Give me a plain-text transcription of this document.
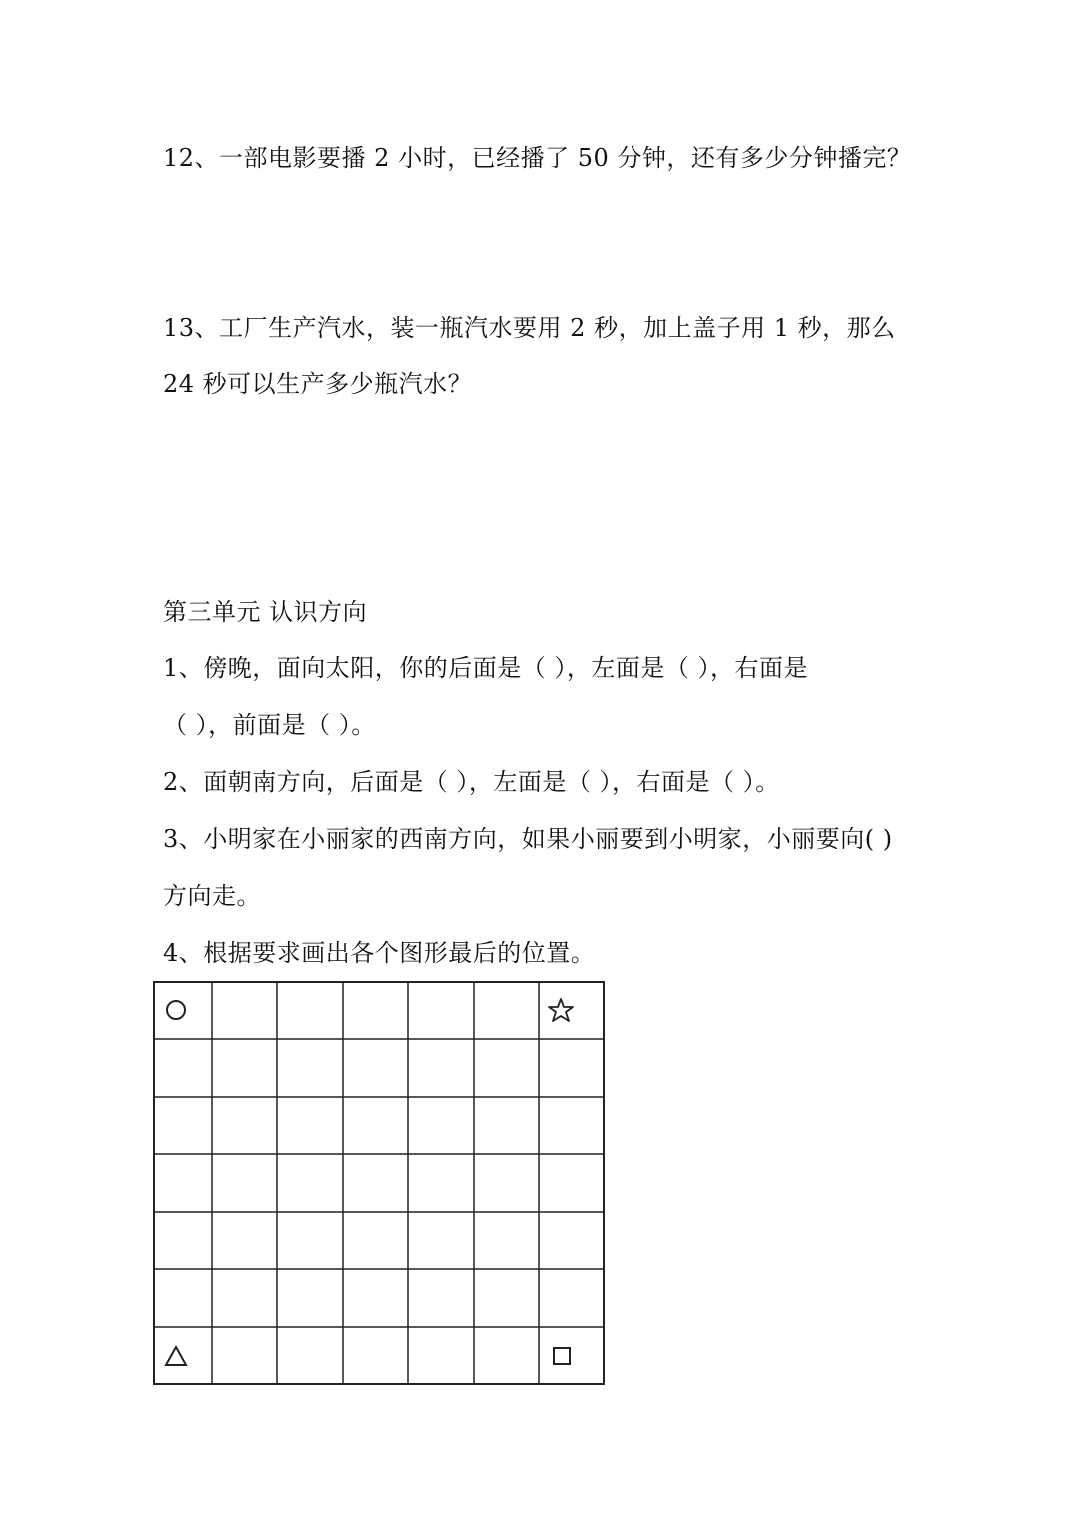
12、一部电影要播 2 小时，已经播了 50 分钟，还有多少分钟播完？
13、工厂生产汽水，装一瓶汽水要用 2 秒，加上盖子用 1 秒，那么
24 秒可以生产多少瓶汽水？
第三单元 认识方向
1、傍晚，面向太阳，你的后面是（ ），左面是（ ），右面是
（ ），前面是（ ）。
2、面朝南方向，后面是（ ），左面是（ ），右面是（ ）。
3、小明家在小丽家的西南方向，如果小丽要到小明家，小丽要向( )
方向走。
4、根据要求画出各个图形最后的位置。
